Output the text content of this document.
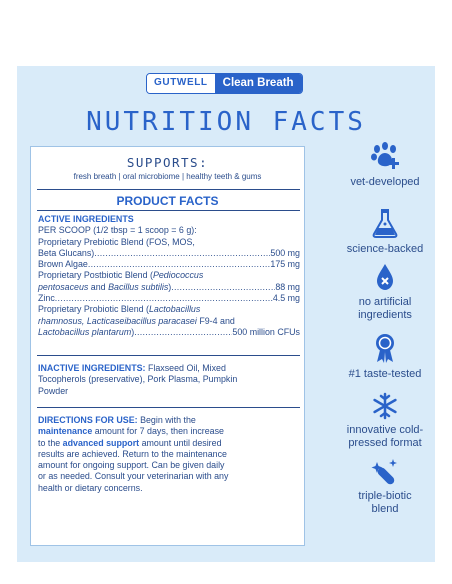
GUTWELL	Clean Breath
NUTRITION FACTS
SUPPORTS:
fresh breath | oral microbiome | healthy teeth & gums
PRODUCT FACTS
ACTIVE INGREDIENTS
PER SCOOP (1/2 tbsp = 1 scoop = 6 g):
Proprietary Prebiotic Blend (FOS, MOS,
Beta Glucans) .....	500 mg
Brown Algae .....	175 mg
Proprietary Postbiotic Blend (Pediococcus
pentosaceus and Bacillus subtilis) .....	88 mg
Zinc .....	4.5 mg
Proprietary Probiotic Blend (Lactobacillus
rhamnosus, Lacticaseibacillus paracasei F9-4 and
Lactobacillus plantarum) .....	500 million CFUs
INACTIVE INGREDIENTS: Flaxseed Oil, Mixed
Tocopherols (preservative), Pork Plasma, Pumpkin
Powder
DIRECTIONS FOR USE: Begin with the
maintenance amount for 7 days, then increase
to the advanced support amount until desired
results are achieved. Return to the maintenance
amount for ongoing support. Can be given daily
or as needed. Consult your veterinarian with any
health or dietary concerns.
vet-developed
science-backed
no artificial
ingredients
#1 taste-tested
innovative cold-
pressed format
triple-biotic
blend
